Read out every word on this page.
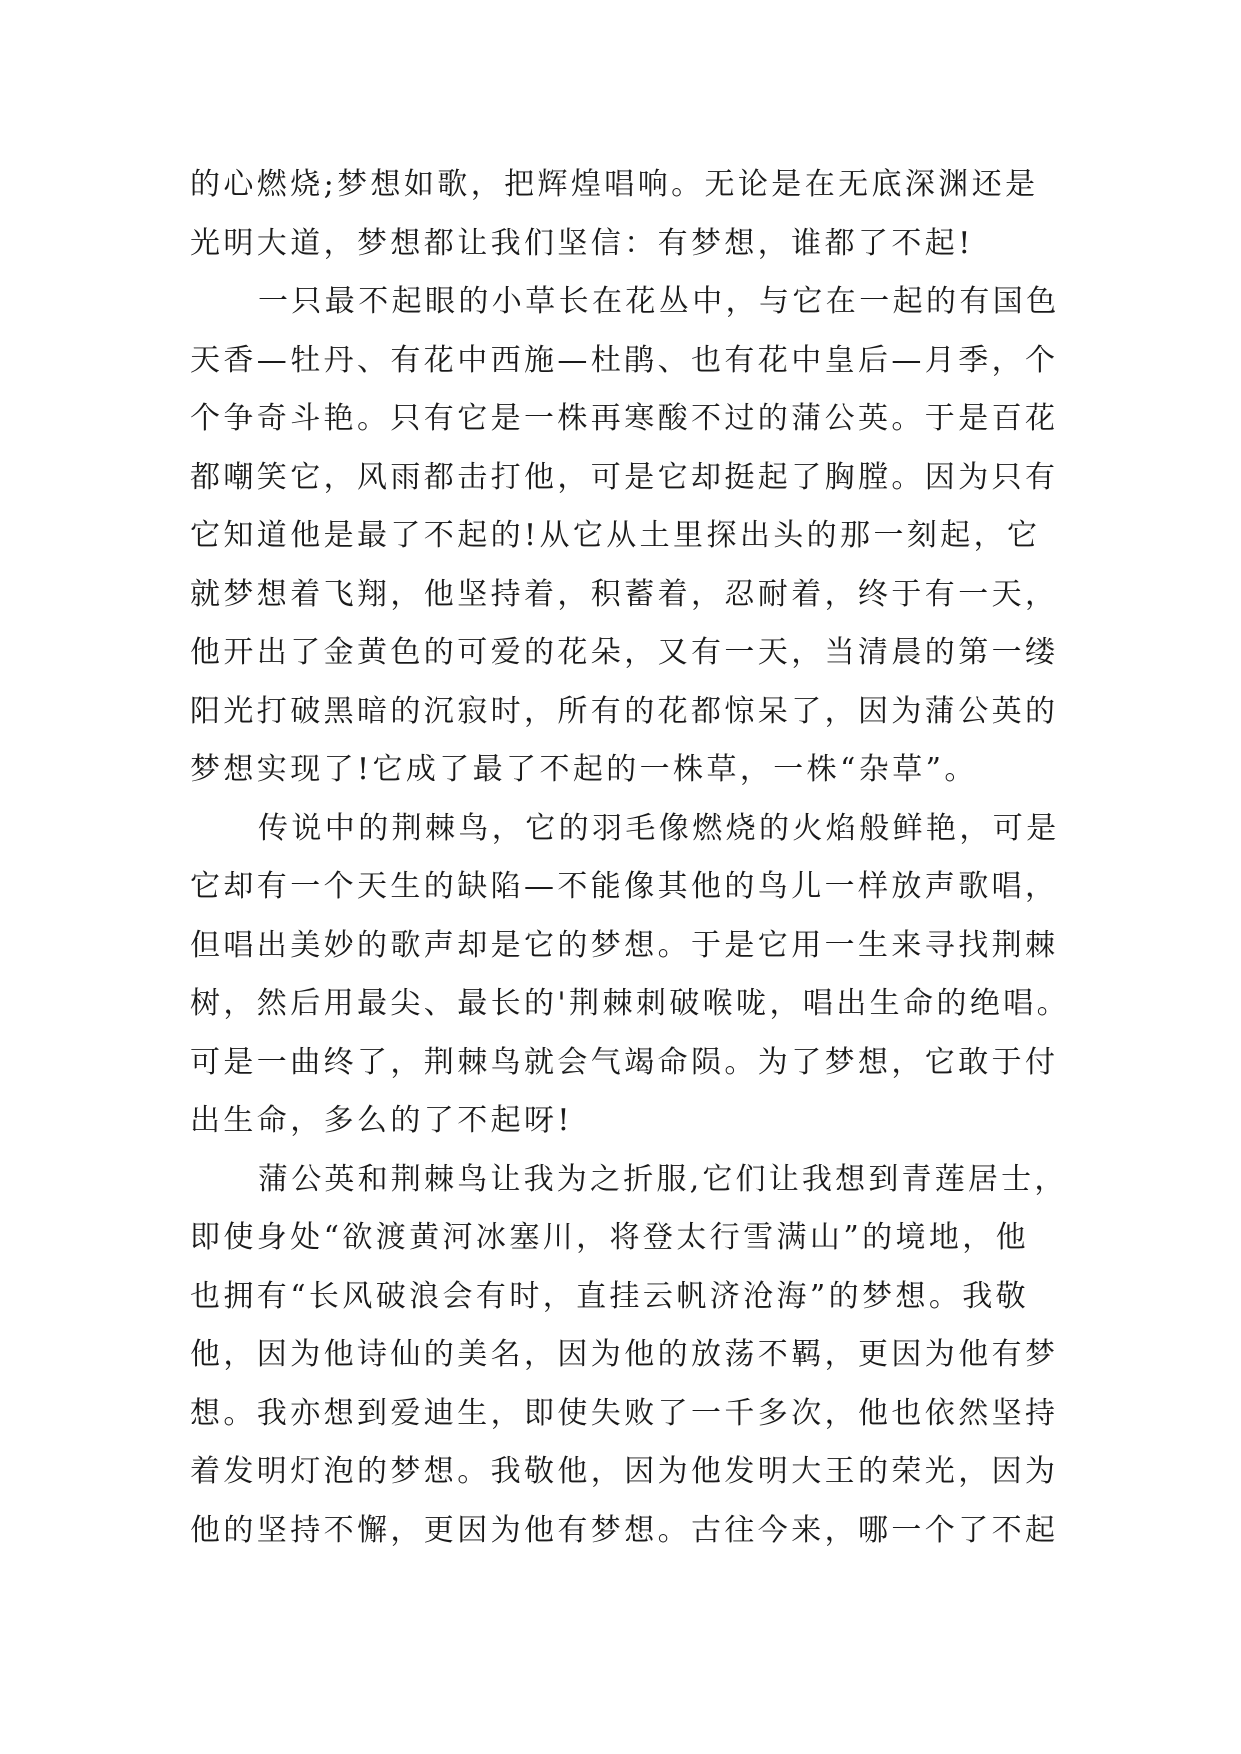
的心燃烧;梦想如歌，把辉煌唱响。无论是在无底深渊还是
光明大道，梦想都让我们坚信：有梦想，谁都了不起!
一只最不起眼的小草长在花丛中，与它在一起的有国色
天香—牡丹、有花中西施—杜鹃、也有花中皇后—月季，个
个争奇斗艳。只有它是一株再寒酸不过的蒲公英。于是百花
都嘲笑它，风雨都击打他，可是它却挺起了胸膛。因为只有
它知道他是最了不起的!从它从土里探出头的那一刻起，它
就梦想着飞翔，他坚持着，积蓄着，忍耐着，终于有一天，
他开出了金黄色的可爱的花朵，又有一天，当清晨的第一缕
阳光打破黑暗的沉寂时，所有的花都惊呆了，因为蒲公英的
梦想实现了!它成了最了不起的一株草，一株“杂草”。
传说中的荆棘鸟，它的羽毛像燃烧的火焰般鲜艳，可是
它却有一个天生的缺陷—不能像其他的鸟儿一样放声歌唱，
但唱出美妙的歌声却是它的梦想。于是它用一生来寻找荆棘
树，然后用最尖、最长的'荆棘刺破喉咙，唱出生命的绝唱。
可是一曲终了，荆棘鸟就会气竭命陨。为了梦想，它敢于付
出生命，多么的了不起呀!
蒲公英和荆棘鸟让我为之折服,它们让我想到青莲居士，
即使身处“欲渡黄河冰塞川，将登太行雪满山”的境地，他
也拥有“长风破浪会有时，直挂云帆济沧海”的梦想。我敬
他，因为他诗仙的美名，因为他的放荡不羁，更因为他有梦
想。我亦想到爱迪生，即使失败了一千多次，他也依然坚持
着发明灯泡的梦想。我敬他，因为他发明大王的荣光，因为
他的坚持不懈，更因为他有梦想。古往今来，哪一个了不起
